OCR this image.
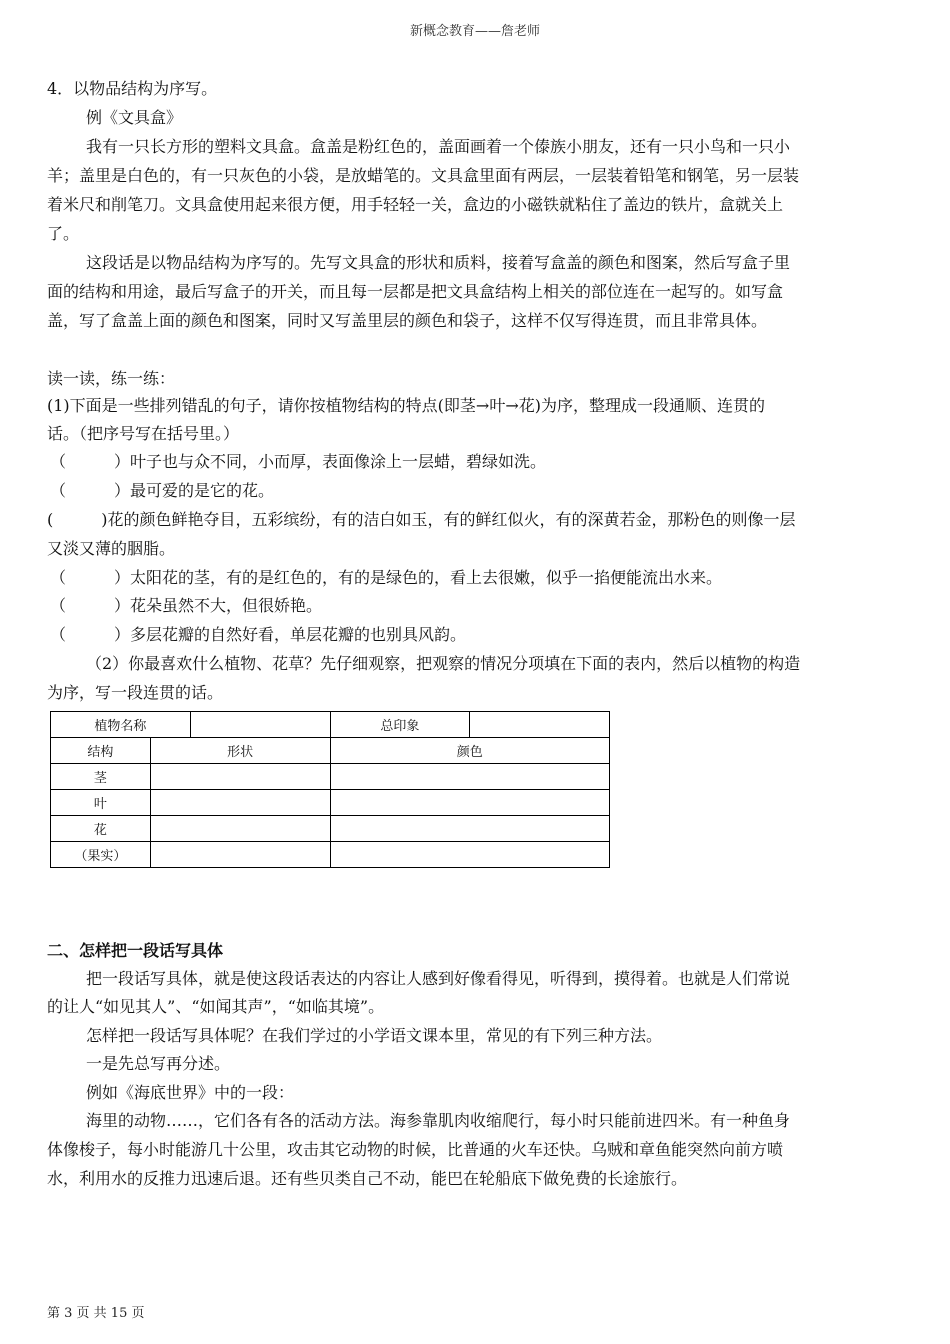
新概念教育——詹老师
4．以物品结构为序写。
例《文具盒》
我有一只长方形的塑料文具盒。盒盖是粉红色的，盖面画着一个傣族小朋友，还有一只小鸟和一只小
羊；盖里是白色的，有一只灰色的小袋，是放蜡笔的。文具盒里面有两层，一层装着铅笔和钢笔，另一层装
着米尺和削笔刀。文具盒使用起来很方便，用手轻轻一关，盒边的小磁铁就粘住了盖边的铁片，盒就关上
了。
这段话是以物品结构为序写的。先写文具盒的形状和质料，接着写盒盖的颜色和图案，然后写盒子里
面的结构和用途，最后写盒子的开关，而且每一层都是把文具盒结构上相关的部位连在一起写的。如写盒
盖，写了盒盖上面的颜色和图案，同时又写盖里层的颜色和袋子，这样不仅写得连贯，而且非常具体。
读一读，练一练：
(1)下面是一些排列错乱的句子，请你按植物结构的特点(即茎→叶→花)为序，整理成一段通顺、连贯的
话。（把序号写在括号里。）
（　　　）叶子也与众不同，小而厚，表面像涂上一层蜡，碧绿如洗。
（　　　）最可爱的是它的花。
(　　　)花的颜色鲜艳夺目，五彩缤纷，有的洁白如玉，有的鲜红似火，有的深黄若金，那粉色的则像一层
又淡又薄的胭脂。
（　　　）太阳花的茎，有的是红色的，有的是绿色的，看上去很嫩，似乎一掐便能流出水来。
（　　　）花朵虽然不大，但很娇艳。
（　　　）多层花瓣的自然好看，单层花瓣的也别具风韵。
（2）你最喜欢什么植物、花草？先仔细观察，把观察的情况分项填在下面的表内，然后以植物的构造
为序，写一段连贯的话。
植物名称			总印象	
结构	形状		颜色	
茎				
叶				
花				
（果实）				
二、怎样把一段话写具体
把一段话写具体，就是使这段话表达的内容让人感到好像看得见，听得到，摸得着。也就是人们常说
的让人“如见其人”、“如闻其声”，“如临其境”。
怎样把一段话写具体呢？在我们学过的小学语文课本里，常见的有下列三种方法。
一是先总写再分述。
例如《海底世界》中的一段：
海里的动物……，它们各有各的活动方法。海参靠肌肉收缩爬行，每小时只能前进四米。有一种鱼身
体像梭子，每小时能游几十公里，攻击其它动物的时候，比普通的火车还快。乌贼和章鱼能突然向前方喷
水，利用水的反推力迅速后退。还有些贝类自己不动，能巴在轮船底下做免费的长途旅行。
第 3 页 共 15 页
